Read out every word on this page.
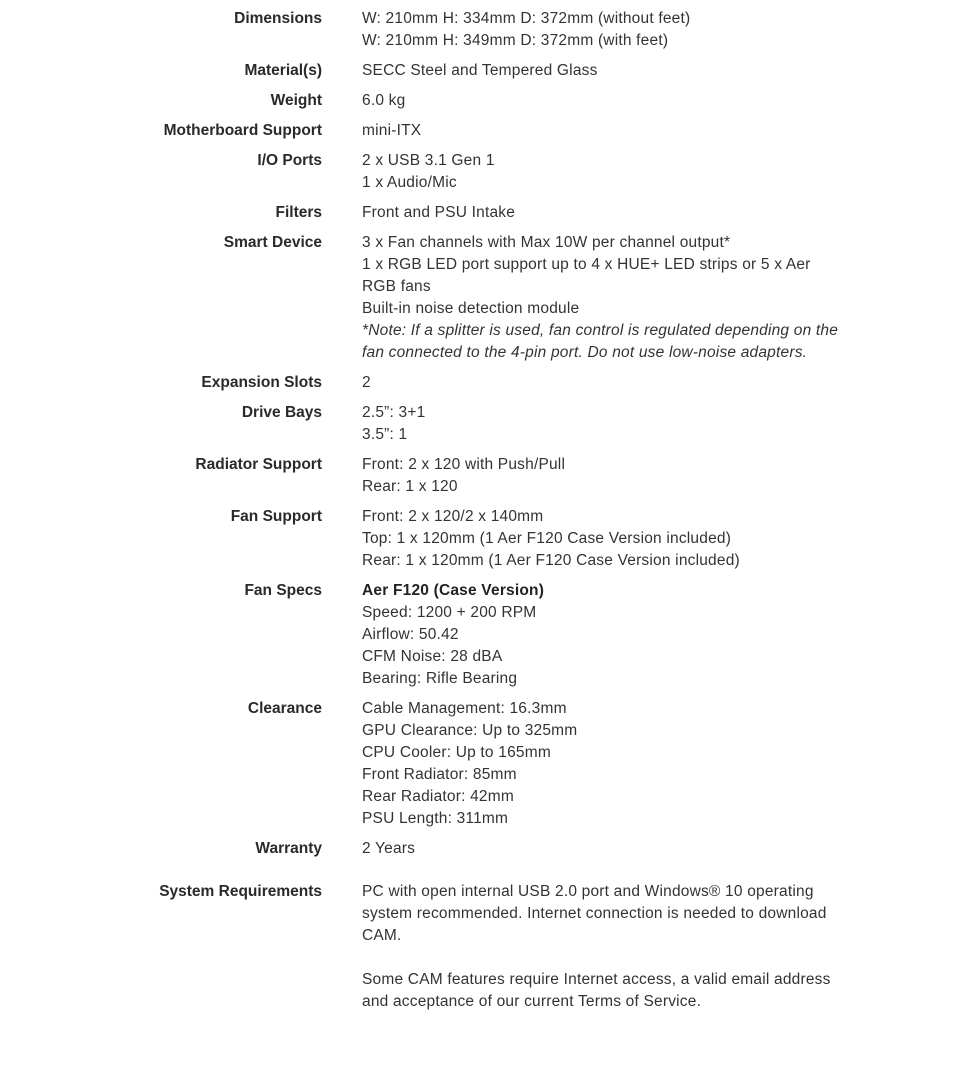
Dimensions	W: 210mm H: 334mm D: 372mm (without feet)
W: 210mm H: 349mm D: 372mm (with feet)
Material(s)	SECC Steel and Tempered Glass
Weight	6.0 kg
Motherboard Support	mini-ITX
I/O Ports	2 x USB 3.1 Gen 1
1 x Audio/Mic
Filters	Front and PSU Intake
Smart Device	3 x Fan channels with Max 10W per channel output*
1 x RGB LED port support up to 4 x HUE+ LED strips or 5 x Aer RGB fans
Built-in noise detection module
*Note: If a splitter is used, fan control is regulated depending on the fan connected to the 4-pin port. Do not use low-noise adapters.
Expansion Slots	2
Drive Bays	2.5”: 3+1
3.5”: 1
Radiator Support	Front: 2 x 120 with Push/Pull
Rear: 1 x 120
Fan Support	Front: 2 x 120/2 x 140mm
Top: 1 x 120mm (1 Aer F120 Case Version included)
Rear: 1 x 120mm (1 Aer F120 Case Version included)
Fan Specs	Aer F120 (Case Version)
Speed: 1200 + 200 RPM
Airflow: 50.42
CFM Noise: 28 dBA
Bearing: Rifle Bearing
Clearance	Cable Management: 16.3mm
GPU Clearance: Up to 325mm
CPU Cooler: Up to 165mm
Front Radiator: 85mm
Rear Radiator: 42mm
PSU Length: 311mm
Warranty	2 Years
System Requirements	PC with open internal USB 2.0 port and Windows® 10 operating system recommended. Internet connection is needed to download CAM.
Some CAM features require Internet access, a valid email address and acceptance of our current Terms of Service.
